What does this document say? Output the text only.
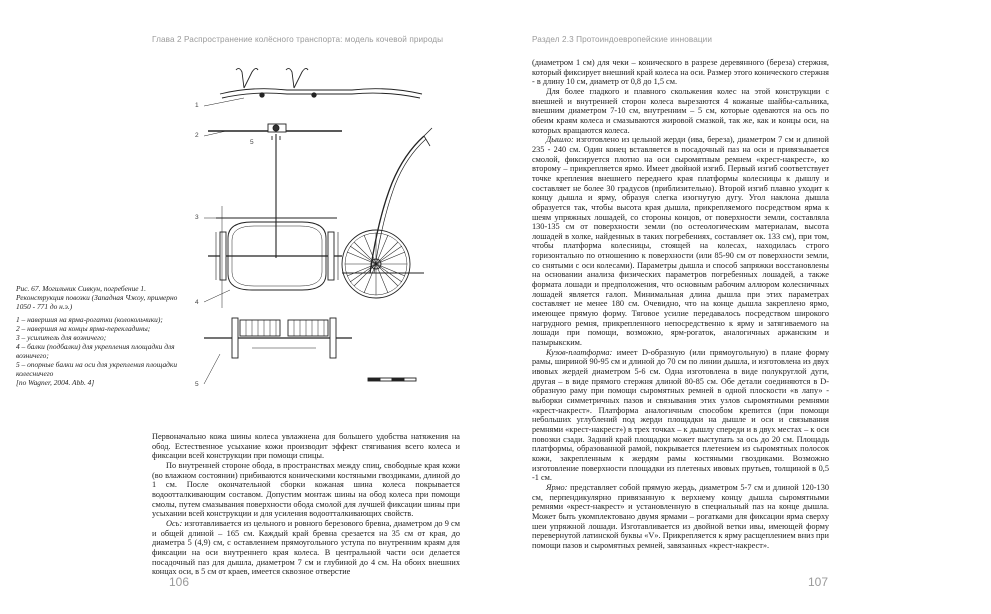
Глава 2 Распространение колёсного транспорта: модель кочевой природы	Раздел 2.3 Протоиндоевропейские инновации

Рис. 67. Могильник Сивкун, погребение 1. Реконструкция повозки (Западная Чжоу, примерно 1050 - 771 до н.э.)

1 – навершия на ярма-рогатки (колокольчики);
2 – навершия на концы ярма-перекладины;
3 – усилитель для возничего;
4 – балки (подбалки) для укрепления площадки для возничего;
5 – опорные балки на оси для укрепления площадки колесничего
[по Wagner, 2004. Abb. 4]
1
2
5
3
4
5

Первоначально кожа шины колеса увлажнена для большего удобства натяжения на обод. Естественное усыхание кожи производит эффект стягивания всего колеса и фиксации всей конструкции при помощи спицы.

По внутренней стороне обода, в пространствах между спиц, свободные края кожи (во влажном состоянии) прибиваются коническими костяными гвоздиками, длиной до 1 см. После окончательной сборки кожаная шина колеса покрывается водоотталкивающим составом. Допустим монтаж шины на обод колеса при помощи смолы, путем смазывания поверхности обода смолой для лучшей фиксации шины при усыхании всей конструкции и для усиления водоотталкивающих свойств.

Ось: изготавливается из цельного и ровного березового бревна, диаметром до 9 см и общей длиной – 165 см. Каждый край бревна срезается на 35 см от края, до диаметра 5 (4,9) см, с оставлением прямоугольного уступа по внутренним краям для фиксации на оси внутреннего края колеса. В центральной части оси делается посадочный паз для дышла, диаметром 7 см и глубиной до 4 см. На обоих внешних концах оси, в 5 см от краев, имеется сквозное отверстие

(диаметром 1 см) для чеки – конического в разрезе деревянного (береза) стержня, который фиксирует внешний край колеса на оси. Размер этого конического стержня - в длину 10 см, диаметр от 0,8 до 1,5 см.

Для более гладкого и плавного скольжения колес на этой конструкции с внешней и внутренней сторон колеса вырезаются 4 кожаные шайбы-сальника, внешним диаметром 7-10 см, внутренним – 5 см, которые одеваются на ось по обеим краям колеса и смазываются жировой смазкой, так же, как и концы оси, на которых вращаются колеса.

Дышло: изготовлено из цельной жерди (ива, береза), диаметром 7 см и длиной 235 - 240 см. Один конец вставляется в посадочный паз на оси и привязывается смолой, фиксируется плотно на оси сыромятным ремнем «крест-накрест», ко второму – прикрепляется ярмо. Имеет двойной изгиб. Первый изгиб соответствует точке крепления внешнего переднего края платформы колесницы к дышлу и составляет не более 30 градусов (приблизительно). Второй изгиб плавно уходит к концу дышла и ярму, образуя слегка изогнутую дугу. Угол наклона дышла образуется так, чтобы высота края дышла, прикрепляемого посредством ярма к шеям упряжных лошадей, со стороны концов, от поверхности земли, составляла 130-135 см от поверхности земли (по остеологическим материалам, высота лошадей в холке, найденных в таких погребениях, составляет ок. 133 см), при том, чтобы платформа колесницы, стоящей на колесах, находилась строго горизонтально по отношению к поверхности (или 85-90 см от поверхности земли, со снятыми с оси колесами). Параметры дышла и способ запряжки восстановлены на основании анализа физических параметров погребенных лошадей, а также формата лошади и предположения, что основным рабочим аллюром колесничных лошадей является галоп. Минимальная длина дышла при этих параметрах составляет не менее 180 см. Очевидно, что на конце дышла закреплено ярмо, имеющее прямую форму. Тяговое усилие передавалось посредством широкого нагрудного ремня, прикрепленного непосредственно к ярму и затягиваемого на лошади при помощи, возможно, ярм-рогаток, аналогичных аржанским и пазырыкским.

Кузов-платформа: имеет D-образную (или прямоугольную) в плане форму рамы, шириной 90-95 см и длиной до 70 см по линии дышла, и изготовлена из двух ивовых жердей диаметром 5-6 см. Одна изготовлена в виде полукруглой дуги, другая – в виде прямого стержня длиной 80-85 см. Обе детали соединяются в D-образную раму при помощи сыромятных ремней в одной плоскости «в лапу» - выборки симметричных пазов и связывания этих узлов сыромятными ремнями «крест-накрест». Платформа аналогичным способом крепится (при помощи небольших углублений под жерди площадки на дышле и оси и связывания ремнями «крест-накрест») в трех точках – к дышлу спереди и в двух местах – к оси повозки сзади. Задний край площадки может выступать за ось до 20 см. Площадь платформы, образованной рамой, покрывается плетением из сыромятных полосок кожи, закрепленным к жердям рамы костяными гвоздиками. Возможно изготовление поверхности площадки из плетеных ивовых прутьев, толщиной в 0,5 -1 см.

Ярмо: представляет собой прямую жердь, диаметром 5-7 см и длиной 120-130 см, перпендикулярно привязанную к верхнему концу дышла сыромятными ремнями «крест-накрест» и установленную в специальный паз на конце дышла. Может быть укомплектовано двумя ярмами – рогатками для фиксации ярма сверху шеи упряжной лошади. Изготавливается из двойной ветки ивы, имеющей форму перевернутой латинской буквы «V». Прикрепляется к ярму расщеплением вниз при помощи пазов и сыромятных ремней, завязанных «крест-накрест».

106	107
